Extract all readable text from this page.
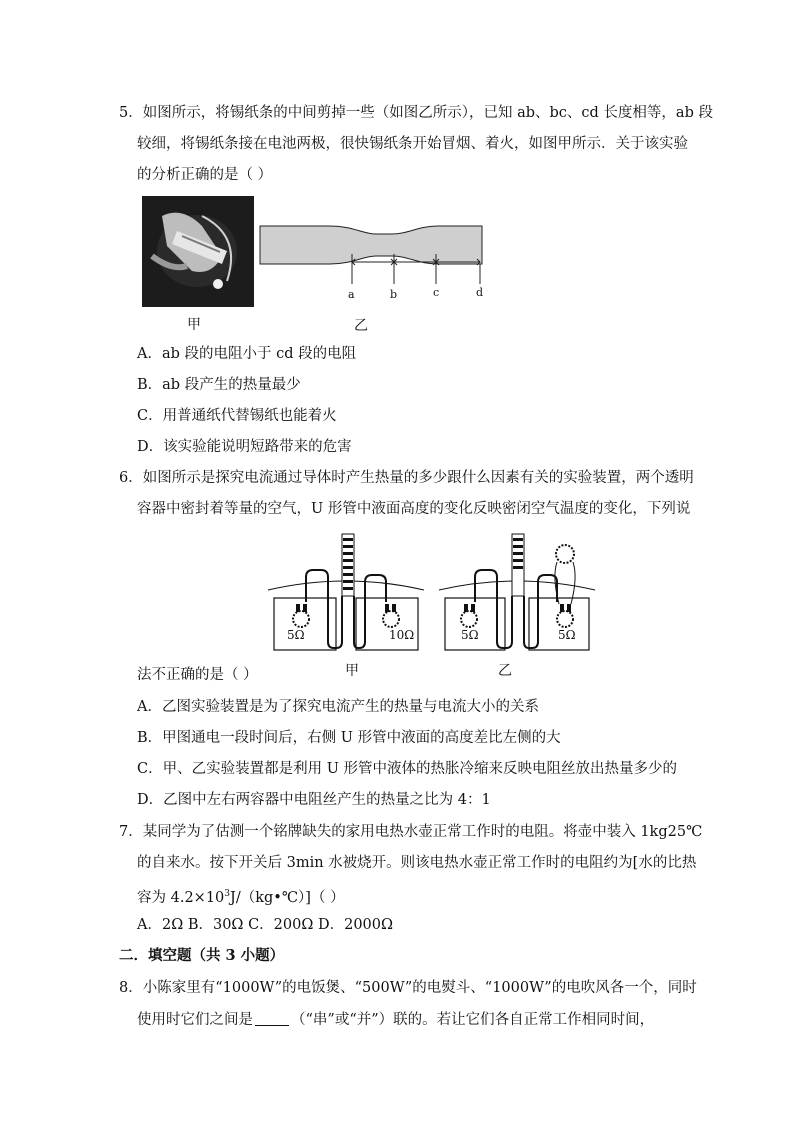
5．如图所示，将锡纸条的中间剪掉一些（如图乙所示），已知 ab、bc、cd 长度相等，ab 段
较细，将锡纸条接在电池两极，很快锡纸条开始冒烟、着火，如图甲所示．关于该实验
的分析正确的是（ ）
甲
a	b	c	d
乙
A．ab 段的电阻小于 cd 段的电阻
B．ab 段产生的热量最少
C．用普通纸代替锡纸也能着火
D．该实验能说明短路带来的危害
6．如图所示是探究电流通过导体时产生热量的多少跟什么因素有关的实验装置，两个透明
容器中密封着等量的空气，U 形管中液面高度的变化反映密闭空气温度的变化，下列说
5Ω	10Ω
甲
5Ω	5Ω
乙
法不正确的是（ ）
A．乙图实验装置是为了探究电流产生的热量与电流大小的关系
B．甲图通电一段时间后，右侧 U 形管中液面的高度差比左侧的大
C．甲、乙实验装置都是利用 U 形管中液体的热胀冷缩来反映电阻丝放出热量多少的
D．乙图中左右两容器中电阻丝产生的热量之比为 4：1
7．某同学为了估测一个铭牌缺失的家用电热水壶正常工作时的电阻。将壶中装入 1kg25℃
的自来水。按下开关后 3min 水被烧开。则该电热水壶正常工作时的电阻约为[水的比热
容为 $4.2\times 10^3J/(kg•℃)$]（ ）
A．2Ω B．30Ω C．200Ω D．2000Ω
二．填空题（共 3 小题）
8．小陈家里有“1000W”的电饭煲、“500W”的电熨斗、“1000W”的电吹风各一个，同时
使用时它们之间是	（“串”或“并”）联的。若让它们各自正常工作相同时间，
